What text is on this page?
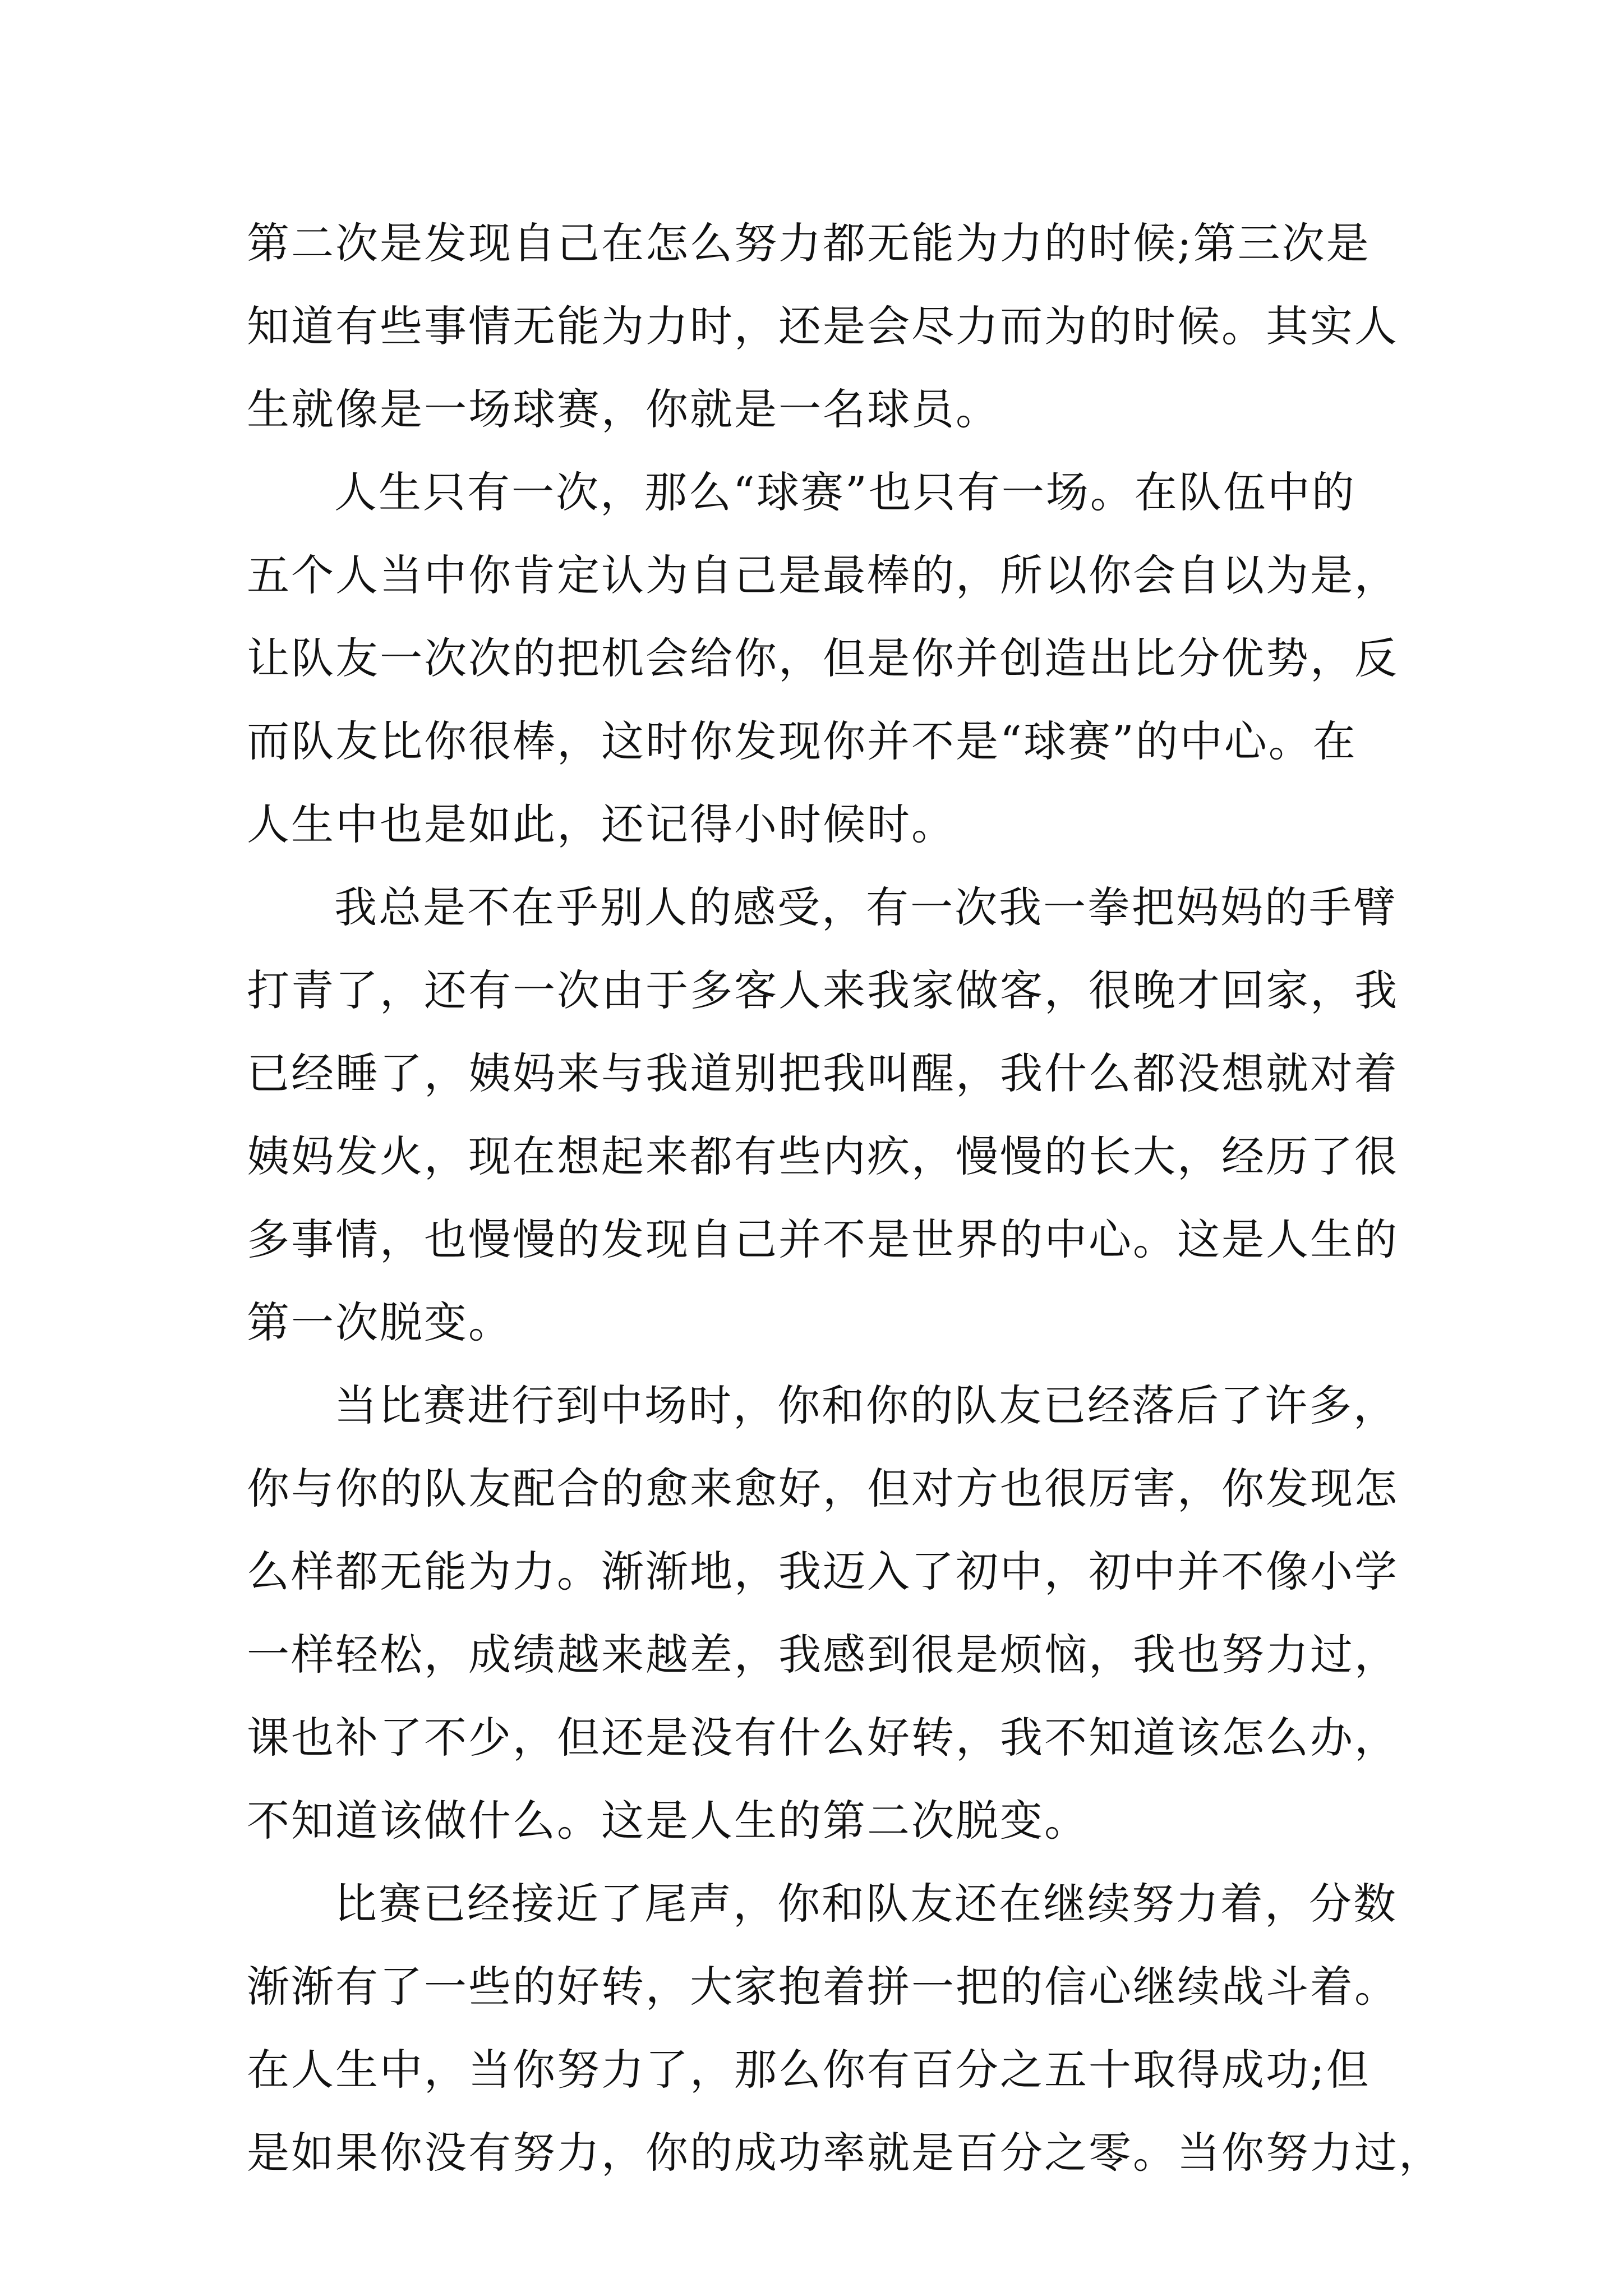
第二次是发现自己在怎么努力都无能为力的时候;第三次是
知道有些事情无能为力时，还是会尽力而为的时候。其实人
生就像是一场球赛，你就是一名球员。
人生只有一次，那么“球赛”也只有一场。在队伍中的
五个人当中你肯定认为自己是最棒的，所以你会自以为是，
让队友一次次的把机会给你，但是你并创造出比分优势，反
而队友比你很棒，这时你发现你并不是“球赛”的中心。在
人生中也是如此，还记得小时候时。
我总是不在乎别人的感受，有一次我一拳把妈妈的手臂
打青了，还有一次由于多客人来我家做客，很晚才回家，我
已经睡了，姨妈来与我道别把我叫醒，我什么都没想就对着
姨妈发火，现在想起来都有些内疚，慢慢的长大，经历了很
多事情，也慢慢的发现自己并不是世界的中心。这是人生的
第一次脱变。
当比赛进行到中场时，你和你的队友已经落后了许多，
你与你的队友配合的愈来愈好，但对方也很厉害，你发现怎
么样都无能为力。渐渐地，我迈入了初中，初中并不像小学
一样轻松，成绩越来越差，我感到很是烦恼，我也努力过，
课也补了不少，但还是没有什么好转，我不知道该怎么办，
不知道该做什么。这是人生的第二次脱变。
比赛已经接近了尾声，你和队友还在继续努力着，分数
渐渐有了一些的好转，大家抱着拼一把的信心继续战斗着。
在人生中，当你努力了，那么你有百分之五十取得成功;但
是如果你没有努力，你的成功率就是百分之零。当你努力过，
